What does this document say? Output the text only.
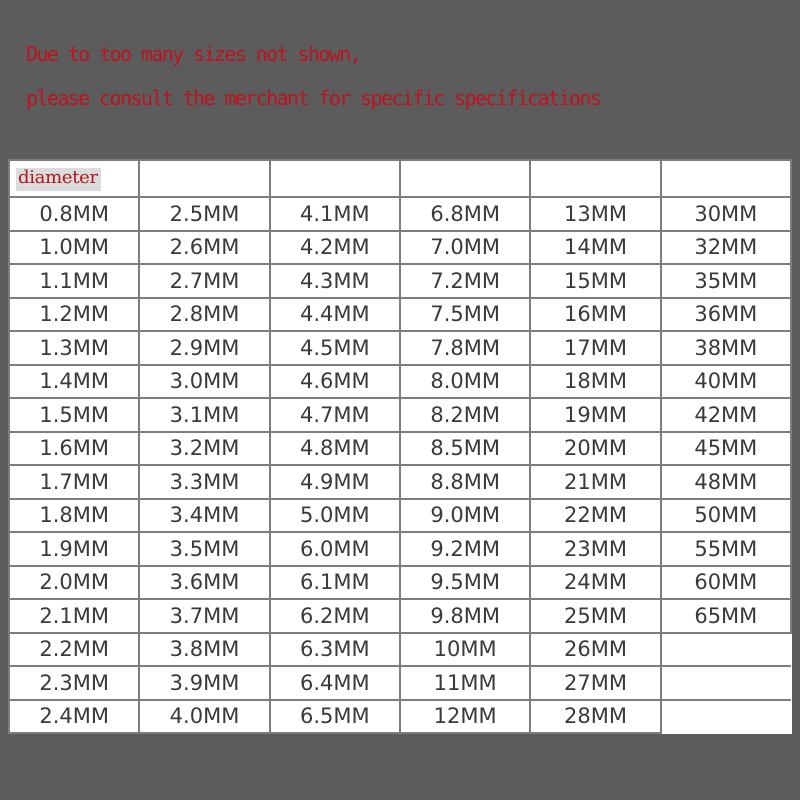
Due to too many sizes not shown,
please consult the merchant for specific specifications
diameter					
0.8MM	2.5MM	4.1MM	6.8MM	13MM	30MM
1.0MM	2.6MM	4.2MM	7.0MM	14MM	32MM
1.1MM	2.7MM	4.3MM	7.2MM	15MM	35MM
1.2MM	2.8MM	4.4MM	7.5MM	16MM	36MM
1.3MM	2.9MM	4.5MM	7.8MM	17MM	38MM
1.4MM	3.0MM	4.6MM	8.0MM	18MM	40MM
1.5MM	3.1MM	4.7MM	8.2MM	19MM	42MM
1.6MM	3.2MM	4.8MM	8.5MM	20MM	45MM
1.7MM	3.3MM	4.9MM	8.8MM	21MM	48MM
1.8MM	3.4MM	5.0MM	9.0MM	22MM	50MM
1.9MM	3.5MM	6.0MM	9.2MM	23MM	55MM
2.0MM	3.6MM	6.1MM	9.5MM	24MM	60MM
2.1MM	3.7MM	6.2MM	9.8MM	25MM	65MM
2.2MM	3.8MM	6.3MM	10MM	26MM	
2.3MM	3.9MM	6.4MM	11MM	27MM	
2.4MM	4.0MM	6.5MM	12MM	28MM	
